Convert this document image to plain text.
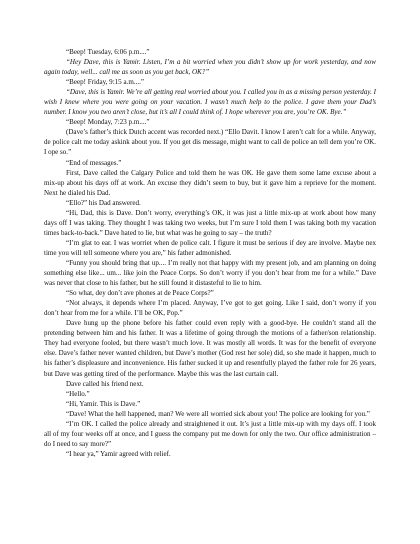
“Beep! Tuesday, 6:06 p.m....”

“Hey Dave, this is Yamir. Listen, I’m a bit worried when you didn’t show up for work yesterday, and now again today, well... call me as soon as you get back, OK?”

“Beep! Friday, 9:15 a.m....”

“Dave, this is Yamir. We’re all getting real worried about you. I called you in as a missing person yesterday. I wish I knew where you were going on your vacation. I wasn’t much help to the police. I gave them your Dad’s number. I know you two aren’t close, but it’s all I could think of. I hope wherever you are, you’re OK. Bye.”

“Beep! Monday, 7:23 p.m....”

(Dave’s father’s thick Dutch accent was recorded next.) “Ello Davit. I know I aren’t calt for a while. Anyway, de police calt me today askink about you. If you get dis message, might want to call de police an tell dem you’re OK. I ope so.”

“End of messages.”

First, Dave called the Calgary Police and told them he was OK. He gave them some lame excuse about a mix-up about his days off at work. An excuse they didn’t seem to buy, but it gave him a reprieve for the moment. Next he dialed his Dad.

“Ello?” his Dad answered.

“Hi, Dad, this is Dave. Don’t worry, everything’s OK, it was just a little mix-up at work about how many days off I was taking. They thought I was taking two weeks, but I’m sure I told them I was taking both my vacation times back-to-back.” Dave hated to lie, but what was he going to say – the truth?

“I’m glat to ear. I was worriet when de police calt. I figure it must be serious if dey are involve. Maybe nex time you will tell someone where you are,” his father admonished.

“Funny you should bring that up.... I’m really not that happy with my present job, and am planning on doing something else like... um... like join the Peace Corps. So don’t worry if you don’t hear from me for a while.” Dave was never that close to his father, but he still found it distasteful to lie to him.

“So what, dey don’t ave phones at de Peace Corps?”

“Not always, it depends where I’m placed. Anyway, I’ve got to get going. Like I said, don’t worry if you don’t hear from me for a while. I’ll be OK, Pop.”

Dave hung up the phone before his father could even reply with a good-bye. He couldn’t stand all the pretending between him and his father. It was a lifetime of going through the motions of a father/son relationship. They had everyone fooled, but there wasn’t much love. It was mostly all words. It was for the benefit of everyone else. Dave’s father never wanted children, but Dave’s mother (God rest her sole) did, so she made it happen, much to his father’s displeasure and inconvenience. His father sucked it up and resentfully played the father role for 26 years, but Dave was getting tired of the performance. Maybe this was the last curtain call.

Dave called his friend next.

“Hello.”

“Hi, Yamir. This is Dave.”

“Dave! What the hell happened, man? We were all worried sick about you! The police are looking for you.”

“I’m OK. I called the police already and straightened it out. It’s just a little mix-up with my days off. I took all of my four weeks off at once, and I guess the company put me down for only the two. Our office administration – do I need to say more?”

“I hear ya,” Yamir agreed with relief.
